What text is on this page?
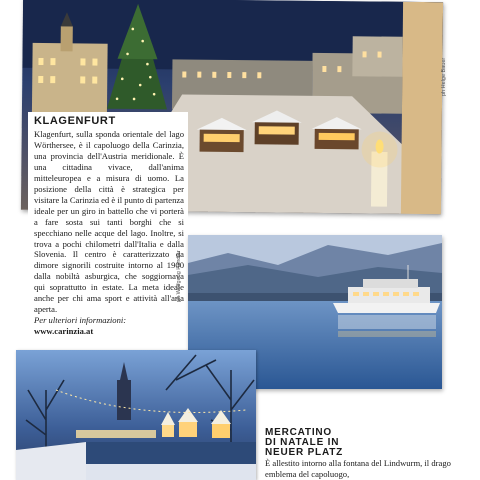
ph Helge Bauer
KLAGENFURT

Klagenfurt, sulla sponda orientale del lago Wörthersee, è il capoluogo della Carinzia, una provincia dell'Austria meridionale. È una cittadina vivace, dall'anima mitteleuropea e a misura di uomo. La posizione della città è strategica per visitare la Carinzia ed è il punto di partenza ideale per un giro in battello che vi porterà a fare sosta sui tanti borghi che si specchiano nelle acque del lago. Inoltre, si trova a pochi chilometri dall'Italia e dalla Slovenia. Il centro è caratterizzato da dimore signorili costruite intorno al 1900 dalla nobiltà asburgica, che soggiornava qui soprattutto in estate. La meta ideale anche per chi ama sport e attività all'aria aperta.
Per ulteriori informazioni:
www.carinzia.at

ph Wolfgang Handler
MERCATINO
DI NATALE IN
NEUER PLATZ

È allestito intorno alla fontana del Lindwurm, il drago emblema del capoluogo,
